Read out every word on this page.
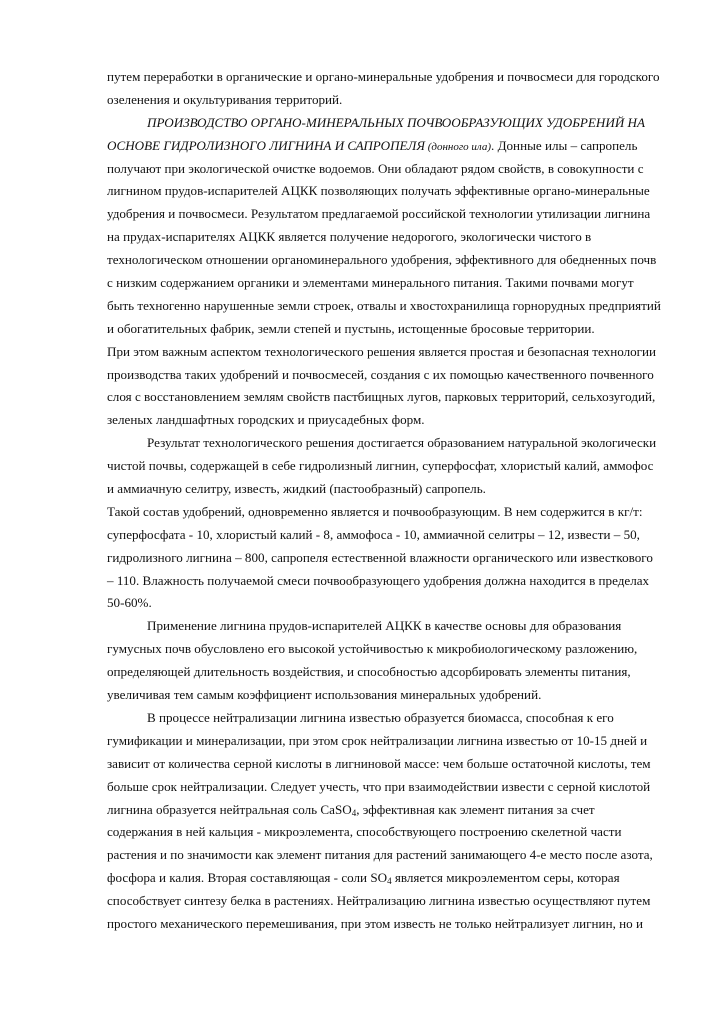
путем переработки в органические и органо-минеральные удобрения и почвосмеси для городского
озеленения и окультуривания территорий.
ПРОИЗВОДСТВО ОРГАНО-МИНЕРАЛЬНЫХ ПОЧВООБРАЗУЮЩИХ УДОБРЕНИЙ НА
ОСНОВЕ ГИДРОЛИЗНОГО ЛИГНИНА И САПРОПЕЛЯ (донного ила). Донные илы – сапропель
получают при экологической очистке водоемов. Они обладают рядом свойств, в совокупности с
лигнином прудов-испарителей АЦКК позволяющих получать эффективные органо-минеральные
удобрения и почвосмеси. Результатом предлагаемой российской технологии утилизации лигнина
на прудах-испарителях АЦКК является получение недорогого, экологически чистого в
технологическом отношении органоминерального удобрения, эффективного для обедненных почв
с низким содержанием органики и элементами минерального питания. Такими почвами могут
быть техногенно нарушенные земли строек, отвалы и хвостохранилища горнорудных предприятий
и обогатительных фабрик, земли степей и пустынь, истощенные бросовые территории.
При этом важным аспектом технологического решения является простая и безопасная технологии
производства таких удобрений и почвосмесей, создания с их помощью качественного почвенного
слоя с восстановлением землям свойств пастбищных лугов, парковых территорий, сельхозугодий,
зеленых ландшафтных городских и приусадебных форм.
Результат технологического решения достигается образованием натуральной экологически
чистой почвы, содержащей в себе гидролизный лигнин, суперфосфат, хлористый калий, аммофос
и аммиачную селитру, известь, жидкий (пастообразный) сапропель.
Такой состав удобрений, одновременно является и почвообразующим. В нем содержится в кг/т:
суперфосфата - 10, хлористый калий - 8, аммофоса - 10, аммиачной селитры – 12, извести – 50,
гидролизного лигнина – 800, сапропеля естественной влажности органического или известкового
– 110. Влажность получаемой смеси почвообразующего удобрения должна находится в пределах
50-60%.
Применение лигнина прудов-испарителей АЦКК в качестве основы для образования
гумусных почв обусловлено его высокой устойчивостью к микробиологическому разложению,
определяющей длительность воздействия, и способностью адсорбировать элементы питания,
увеличивая тем самым коэффициент использования минеральных удобрений.
В процессе нейтрализации лигнина известью образуется биомасса, способная к его
гумификации и минерализации, при этом срок нейтрализации лигнина известью от 10-15 дней и
зависит от количества серной кислоты в лигниновой массе: чем больше остаточной кислоты, тем
больше срок нейтрализации. Следует учесть, что при взаимодействии извести с серной кислотой
лигнина образуется нейтральная соль CaSO$_4$, эффективная как элемент питания за счет
содержания в ней кальция - микроэлемента, способствующего построению скелетной части
растения и по значимости как элемент питания для растений занимающего 4-е место после азота,
фосфора и калия. Вторая составляющая - соли $SO_4$ является микроэлементом серы, которая
способствует синтезу белка в растениях. Нейтрализацию лигнина известью осуществляют путем
простого механического перемешивания, при этом известь не только нейтрализует лигнин, но и
